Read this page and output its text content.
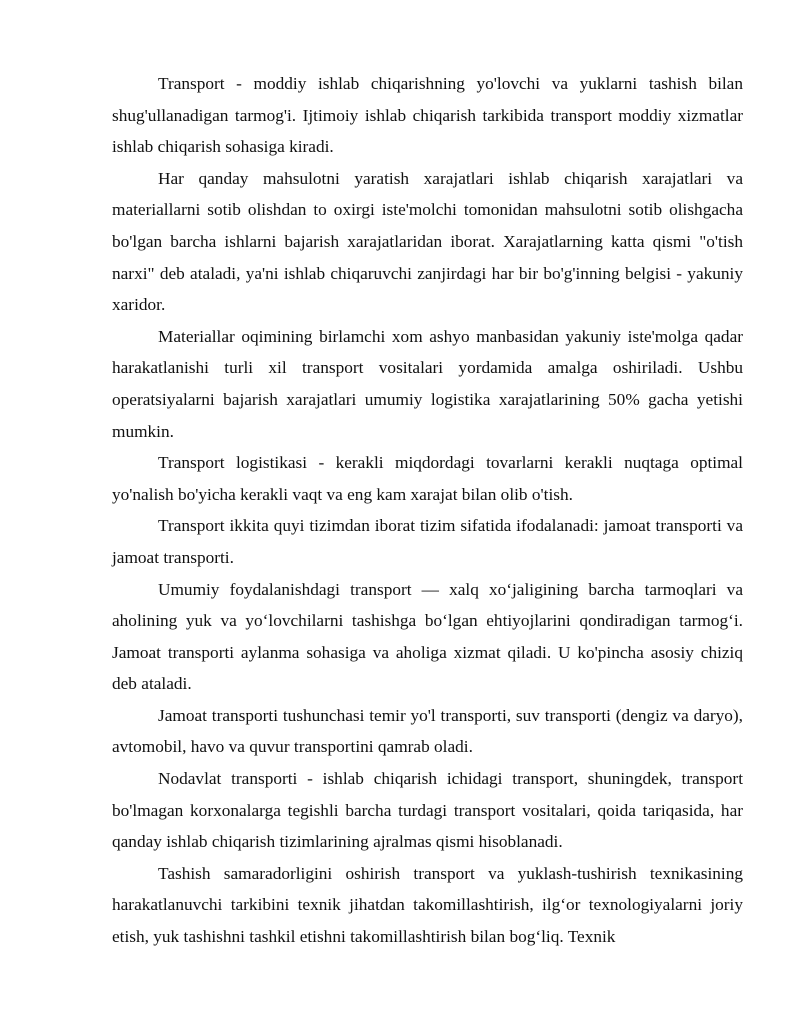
Transport - moddiy ishlab chiqarishning yo'lovchi va yuklarni tashish bilan shug'ullanadigan tarmog'i. Ijtimoiy ishlab chiqarish tarkibida transport moddiy xizmatlar ishlab chiqarish sohasiga kiradi.

Har qanday mahsulotni yaratish xarajatlari ishlab chiqarish xarajatlari va materiallarni sotib olishdan to oxirgi iste'molchi tomonidan mahsulotni sotib olishgacha bo'lgan barcha ishlarni bajarish xarajatlaridan iborat. Xarajatlarning katta qismi "o'tish narxi" deb ataladi, ya'ni ishlab chiqaruvchi zanjirdagi har bir bo'g'inning belgisi - yakuniy xaridor.

Materiallar oqimining birlamchi xom ashyo manbasidan yakuniy iste'molga qadar harakatlanishi turli xil transport vositalari yordamida amalga oshiriladi. Ushbu operatsiyalarni bajarish xarajatlari umumiy logistika xarajatlarining 50% gacha yetishi mumkin.

Transport logistikasi - kerakli miqdordagi tovarlarni kerakli nuqtaga optimal yo'nalish bo'yicha kerakli vaqt va eng kam xarajat bilan olib o'tish.

Transport ikkita quyi tizimdan iborat tizim sifatida ifodalanadi: jamoat transporti va jamoat transporti.

Umumiy foydalanishdagi transport — xalq xo‘jaligining barcha tarmoqlari va aholining yuk va yo‘lovchilarni tashishga bo‘lgan ehtiyojlarini qondiradigan tarmog‘i. Jamoat transporti aylanma sohasiga va aholiga xizmat qiladi. U ko'pincha asosiy chiziq deb ataladi.

Jamoat transporti tushunchasi temir yo'l transporti, suv transporti (dengiz va daryo), avtomobil, havo va quvur transportini qamrab oladi.

Nodavlat transporti - ishlab chiqarish ichidagi transport, shuningdek, transport bo'lmagan korxonalarga tegishli barcha turdagi transport vositalari, qoida tariqasida, har qanday ishlab chiqarish tizimlarining ajralmas qismi hisoblanadi.

Tashish samaradorligini oshirish transport va yuklash-tushirish texnikasining harakatlanuvchi tarkibini texnik jihatdan takomillashtirish, ilg‘or texnologiyalarni joriy etish, yuk tashishni tashkil etishni takomillashtirish bilan bog‘liq. Texnik
